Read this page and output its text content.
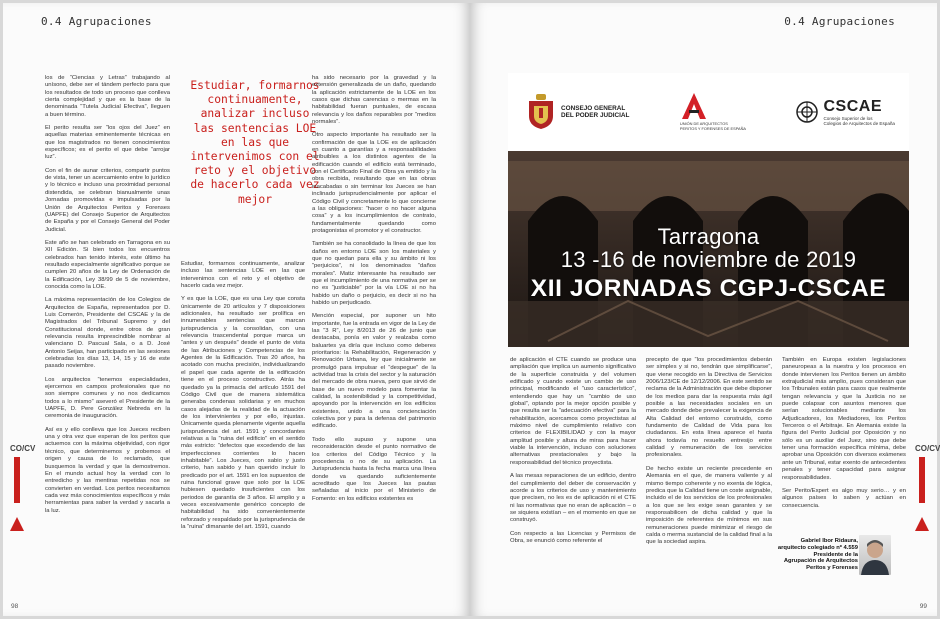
0.4 Agrupaciones

los de “Ciencias y Letras” trabajando al unísono, debe ser el tándem perfecto para que los resultados de todo un proceso que conlleva cierta complejidad y que es la base de la denominada “Tutela Judicial Efectiva”, lleguen a buen término.

El perito resulta ser “los ojos del Juez” en aquellas materias eminentemente técnicas en que los magistrados no tienen conocimientos específicos; es el perito el que debe “arrojar luz”.

Con el fin de aunar criterios, compartir puntos de vista, tener un acercamiento entre lo jurídico y lo técnico e incluso una proximidad personal distendida, se celebran bianualmente unas Jornadas promovidas e impulsadas por la Unión de Arquitectos Peritos y Forenses (UAPFE) del Consejo Superior de Arquitectos de España y por el Consejo General del Poder Judicial.

Este año se han celebrado en Tarragona en su XII Edición. Si bien todos los encuentros celebrados han tenido interés, este último ha resultado especialmente significativo porque se cumplen 20 años de la Ley de Ordenación de la Edificación, Ley 38/99 de 5 de noviembre, conocida como la LOE.

La máxima representación de los Colegios de Arquitectos de España, representados por D. Luis Comerón, Presidente del CSCAE y la de Magistrados del Tribunal Supremo y del Constitucional donde, entre otros de gran relevancia resulta imprescindible nombrar al valenciano D. Pascual Sala, o a D. José Antonio Seijas, han participado en las sesiones celebradas los días 13, 14, 15 y 16 de este pasado noviembre.

Los arquitectos “tenemos especialidades, ejercemos en campos profesionales que no son siempre comunes y no nos dedicamos todos a lo mismo” aseveró el Presidente de la UAPFE, D. Pere González Nebreda en la ceremonia de inauguración.

Así es y ello conlleva que los Jueces reciben una y otra vez que esperan de los peritos que actuemos con la máxima objetividad, con rigor técnico, que determinemos y probemos el origen y causa de lo reclamado, que busquemos la verdad y que la demostremos. En el mundo actual hoy la verdad con lo entredicho y las mentiras repetidas nos se convierten en verdad. Los peritos necesitamos cada vez más conocimientos específicos y más herramientas para saber la verdad y sacarla a la luz.

Estudiar, formarnos continuamente, analizar incluso las sentencias LOE en las que intervenimos con el reto y el objetivo de hacerlo cada vez mejor

Estudiar, formarnos continuamente, analizar incluso las sentencias LOE en las que intervenimos con el reto y el objetivo de hacerlo cada vez mejor.

Y es que la LOE, que es una Ley que consta únicamente de 20 artículos y 7 disposiciones adicionales, ha resultado ser prolífica en innumerables sentencias que marcan jurisprudencia y la consolidan, con una relevancia trascendental porque marca un “antes y un después” desde el punto de vista de las Atribuciones y Competencias de los Agentes de la Edificación. Tras 20 años, ha acotado con mucha precisión, individualizando el papel que cada agente de la edificación tiene en el proceso constructivo. Atrás ha quedado ya la primacía del artículo 1591 del Código Civil que de manera sistemática generaba condenas solidarias y en muchos casos alejadas de la realidad de la actuación de los intervinientes y por ello, injustas. Únicamente queda plenamente vigente aquella jurisprudencia del art. 1591 y concordantes relativas a la “ruina del edificio” en el sentido más estricto: “defectos que excedendo de las imperfecciones corrientes lo hacen inhabitable”. Los Jueces, con sabio y justo criterio, han sabido y han querido incluir lo predicado por el art. 1591 en los supuestos de ruina funcional grave que solo por la LOE hubiesen quedado insuficientes con los periodos de garantía de 3 años. El amplio y a veces excesivamente genérico concepto de habitabilidad ha sido convenientemente reforzado y respaldado por la jurisprudencia de la “ruina” dimanante del art. 1591, cuando

ha sido necesario por la gravedad y la extensión generalizada de un daño, quedando la aplicación estrictamente de la LOE en los casos que dichas carencias o mermas en la habitabilidad fueran puntuales, de escasa relevancia y los daños reparables por “medios normales”.

Otro aspecto importante ha resultado ser la confirmación de que la LOE es de aplicación en cuanto a garantías y a responsabilidades atribuibles a los distintos agentes de la edificación cuando el edificio está terminado, con el Certificado Final de Obra ya emitido y la obra recibida, resultando que en las obras inacabadas o sin terminar los Jueces se han inclinado jurisprudencialmente por aplicar el Código Civil y concretamente lo que concierne a las obligaciones: “hacer o no hacer alguna cosa” y a los incumplimientos de contrato, fundamentalmente quedando como protagonistas el promotor y el constructor.

También se ha consolidado la línea de que los daños en entorno LOE son los materiales y que no quedan para ella y su ámbito ni los “perjuicios”, ni los denominados “daños morales”. Matiz interesante ha resultado ser que el incumplimiento de una normativa per se no es “justiciable” por la vía LOE si no ha habido un daño o perjuicio, es decir si no ha habido un perjudicado.

Mención especial, por suponer un hito importante, fue la entrada en vigor de la Ley de las “3 R”, Ley 8/2013 de 26 de junio que destacaba, ponía en valor y realzaba como baluartes ya diría que incluso como deberes prioritarios: la Rehabilitación, Regeneración y Renovación Urbana, ley que inicialmente se promulgó para impulsar el “despegue” de la actividad tras la crisis del sector y la saturación del mercado de obra nueva, pero que sirvió de base de un nuevo modelo para fomentar la calidad, la sostenibilidad y la competitividad, apoyando por la intervención en los edificios existentes, unido a una concienciación colectiva por y para la defensa del patrimonio edificado.

Todo ello supuso y supone una reconsideración desde el punto normativo de los criterios del Código Técnico y la procedencia o no de su aplicación. La Jurisprudencia hasta la fecha marca una línea donde va quedando suficientemente acreditado que los Jueces las pautas señaladas al inicio por el Ministerio de Fomento: en los edificios existentes es

CO/CV
98
0.4 Agrupaciones
CONSEJO GENERAL
DEL PODER JUDICIAL
UNIÓN DE ARQUITECTOS
PERITOS Y FORENSES DE ESPAÑA
CSCAE
Consejo Superior de los
Colegios de Arquitectos de España
Tarragona
13 -16 de noviembre de 2019
XII JORNADAS CGPJ-CSCAE

de aplicación el CTE cuando se produce una ampliación que implica un aumento significativo de la superficie construida y del volumen edificado y cuando existe un cambio de uso principal, modificando el “uso característico”, entendiendo que hay un “cambio de uso global”, optando por la mejor opción posible y que resulta ser la “adecuación efectiva” para la rehabilitación, acercamos como proyectistas al máximo nivel de cumplimiento relativo con criterios de FLEXIBILIDAD y con la mayor amplitud posible y altura de miras para hacer viable la intervención, incluso con soluciones alternativas prestacionales y bajo la responsabilidad del técnico proyectista.

A las mesas reparaciones de un edificio, dentro del cumplimiento del deber de conservación y acorde a los criterios de uso y mantenimiento que precisen, no les es de aplicación ni el CTE ni las normativas que no eran de aplicación – o se siquiera existían – en el momento en que se construyó.

Con respecto a las Licencias y Permisos de Obra, se enunció como referente el

precepto de que “los procedimientos deberán ser simples y si no, tendrán que simplificarse”, que viene recogido en la Directiva de Servicios 2006/123/CE de 12/12/2006. En este sentido se reclama de la Administración que debe disponer de los medios para dar la respuesta más ágil posible a las necesidades sociales en un mercado donde debe prevalecer la exigencia de Alta Calidad del entorno construido, como fundamento de Calidad de Vida para los ciudadanos. En esta línea aparece el hasta ahora todavía no resuelto entresijo entre calidad y remuneración de los servicios profesionales.

De hecho existe un reciente precedente en Alemania en el que, de manera valiente y al mismo tiempo coherente y no exenta de lógica, predica que la Calidad tiene un coste asignable, incluido el de los servicios de los profesionales a los que se les exige sean garantes y se responsabilicen de dicha calidad y que la imposición de referentes de mínimos en sus remuneraciones puede minimizar el riesgo de caída o merma sustancial de la calidad final a la que la sociedad aspira.

También en Europa existen legislaciones paneuropeas a la nuestra y los procesos en donde intervienen los Peritos tienen un ámbito extrajudicial más amplio, pues consideran que los Tribunales están para casos que realmente tengan relevancia y que la Justicia no se puede colapsar con asuntos menores que serían solucionables mediante los Adjudicadores, los Mediadores, los Peritos Terceros o el Arbitraje. En Alemania existe la figura del Perito Judicial por Oposición y no sólo es un auxiliar del Juez, sino que debe tener una formación específica mínima, debe aprobar una Oposición con diversos exámenes ante un Tribunal, estar exento de antecedentes penales y tener capacidad para asignar responsabilidades.

Ser Perito/Expert es algo muy serio… y en algunos países lo saben y actúan en consecuencia.

Gabriel Ibor Ridaura,

arquitecto colegiado nº 4.559

Presidente de la

Agrupación de Arquitectos

Peritos y Forenses

CO/CV
99
